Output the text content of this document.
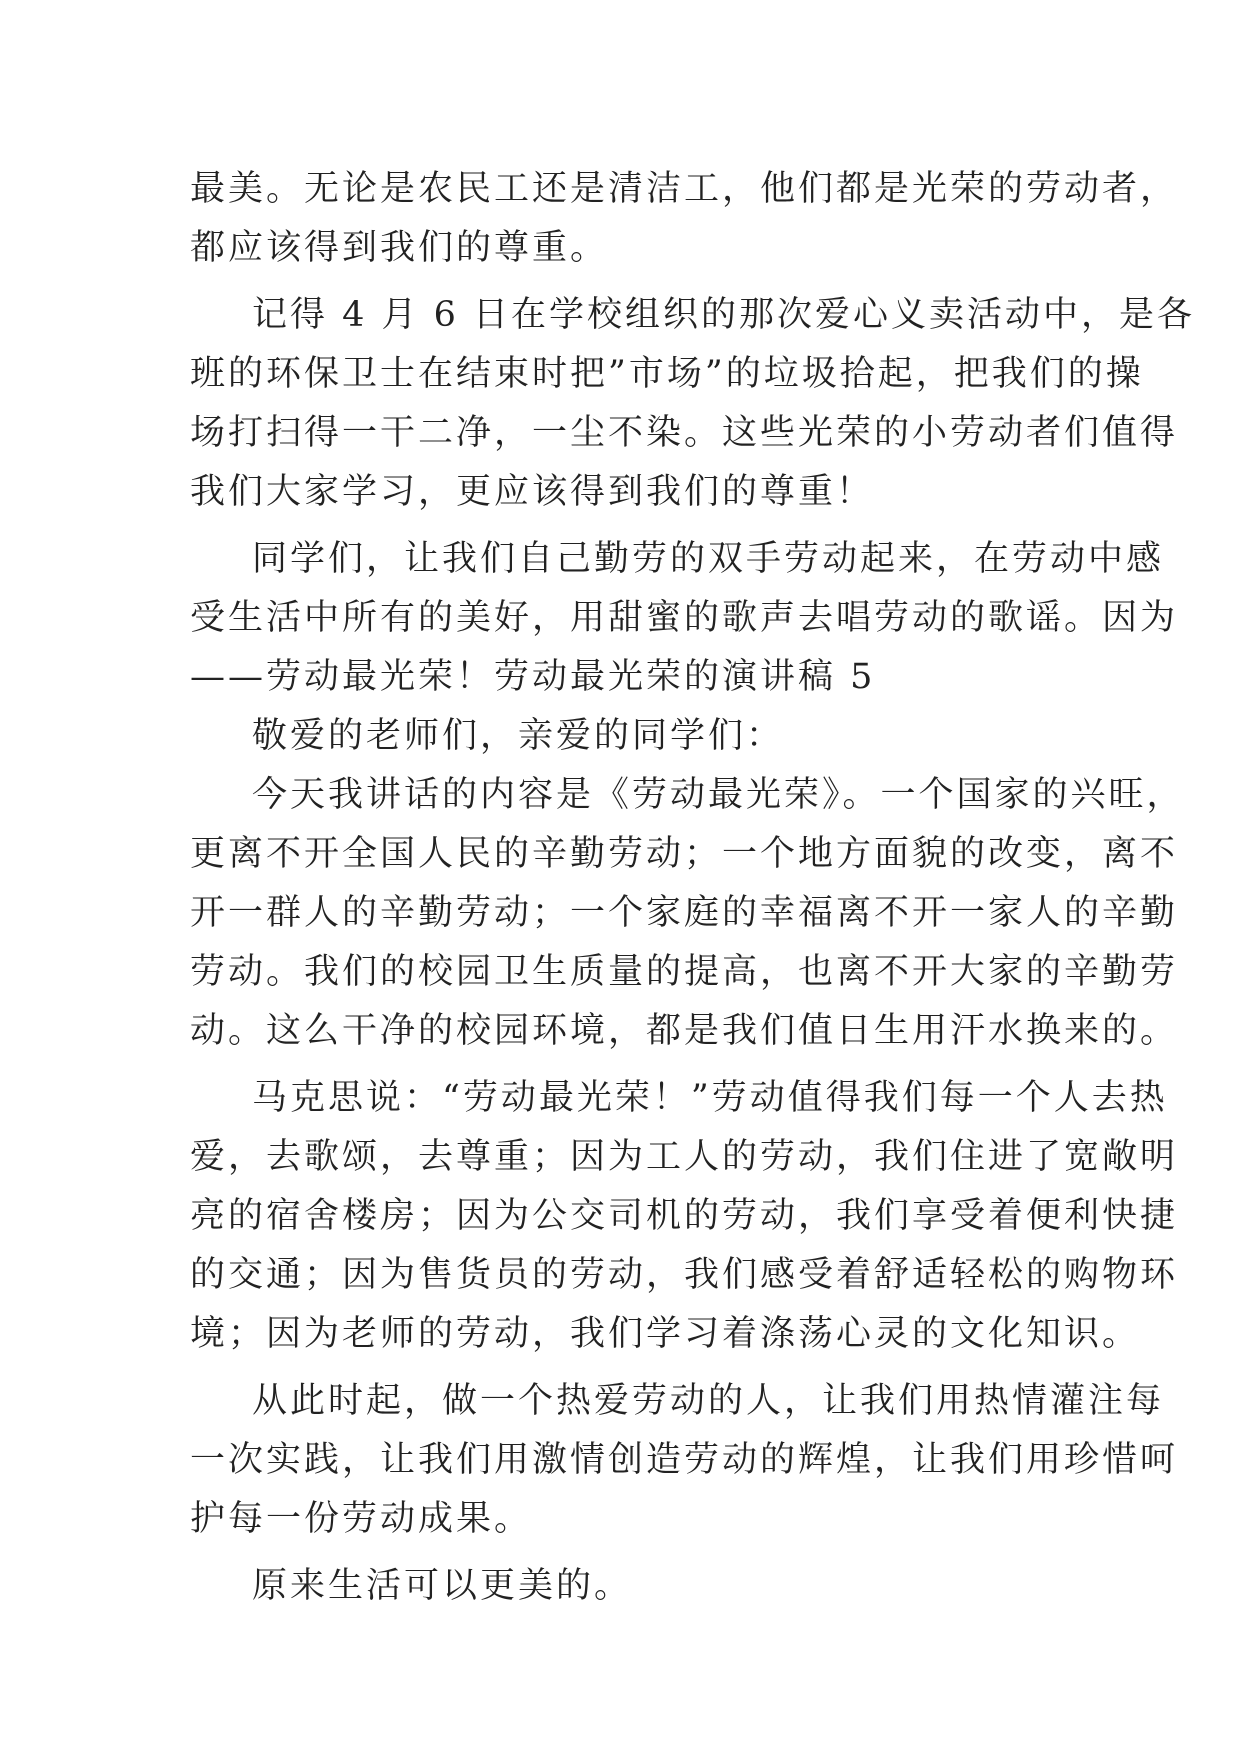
最美。无论是农民工还是清洁工，他们都是光荣的劳动者，
都应该得到我们的尊重。
记得 4 月 6 日在学校组织的那次爱心义卖活动中，是各
班的环保卫士在结束时把”市场”的垃圾拾起，把我们的操
场打扫得一干二净，一尘不染。这些光荣的小劳动者们值得
我们大家学习，更应该得到我们的尊重！
同学们，让我们自己勤劳的双手劳动起来，在劳动中感
受生活中所有的美好，用甜蜜的歌声去唱劳动的歌谣。因为
——劳动最光荣！劳动最光荣的演讲稿 5
敬爱的老师们，亲爱的同学们：
今天我讲话的内容是《劳动最光荣》。一个国家的兴旺，
更离不开全国人民的辛勤劳动；一个地方面貌的改变，离不
开一群人的辛勤劳动；一个家庭的幸福离不开一家人的辛勤
劳动。我们的校园卫生质量的提高，也离不开大家的辛勤劳
动。这么干净的校园环境，都是我们值日生用汗水换来的。
马克思说：“劳动最光荣！”劳动值得我们每一个人去热
爱，去歌颂，去尊重；因为工人的劳动，我们住进了宽敞明
亮的宿舍楼房；因为公交司机的劳动，我们享受着便利快捷
的交通；因为售货员的劳动，我们感受着舒适轻松的购物环
境；因为老师的劳动，我们学习着涤荡心灵的文化知识。
从此时起，做一个热爱劳动的人，让我们用热情灌注每
一次实践，让我们用激情创造劳动的辉煌，让我们用珍惜呵
护每一份劳动成果。
原来生活可以更美的。
